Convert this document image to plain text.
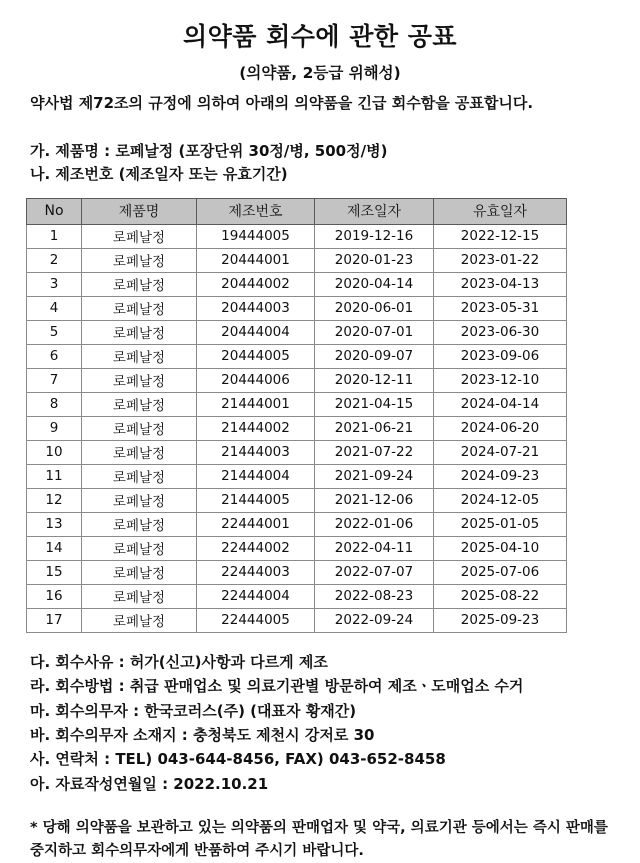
의약품 회수에 관한 공표
(의약품, 2등급 위해성)

약사법 제72조의 규정에 의하여 아래의 의약품을 긴급 회수함을 공표합니다.

가. 제품명 : 로페날정 (포장단위 30정/병, 500정/병)
나. 제조번호 (제조일자 또는 유효기간)
No	제품명	제조번호	제조일자	유효일자
1	로페날정	19444005	2019-12-16	2022-12-15
2	로페날정	20444001	2020-01-23	2023-01-22
3	로페날정	20444002	2020-04-14	2023-04-13
4	로페날정	20444003	2020-06-01	2023-05-31
5	로페날정	20444004	2020-07-01	2023-06-30
6	로페날정	20444005	2020-09-07	2023-09-06
7	로페날정	20444006	2020-12-11	2023-12-10
8	로페날정	21444001	2021-04-15	2024-04-14
9	로페날정	21444002	2021-06-21	2024-06-20
10	로페날정	21444003	2021-07-22	2024-07-21
11	로페날정	21444004	2021-09-24	2024-09-23
12	로페날정	21444005	2021-12-06	2024-12-05
13	로페날정	22444001	2022-01-06	2025-01-05
14	로페날정	22444002	2022-04-11	2025-04-10
15	로페날정	22444003	2022-07-07	2025-07-06
16	로페날정	22444004	2022-08-23	2025-08-22
17	로페날정	22444005	2022-09-24	2025-09-23
다. 회수사유 : 허가(신고)사항과 다르게 제조
라. 회수방법 : 취급 판매업소 및 의료기관별 방문하여 제조ㆍ도매업소 수거
마. 회수의무자 : 한국코러스(주) (대표자 황재간)
바. 회수의무자 소재지 : 충청북도 제천시 강저로 30
사. 연락처 : TEL) 043-644-8456, FAX) 043-652-8458
아. 자료작성연월일 : 2022.10.21

* 당해 의약품을 보관하고 있는 의약품의 판매업자 및 약국, 의료기관 등에서는 즉시 판매를 중지하고 회수의무자에게 반품하여 주시기 바랍니다.
